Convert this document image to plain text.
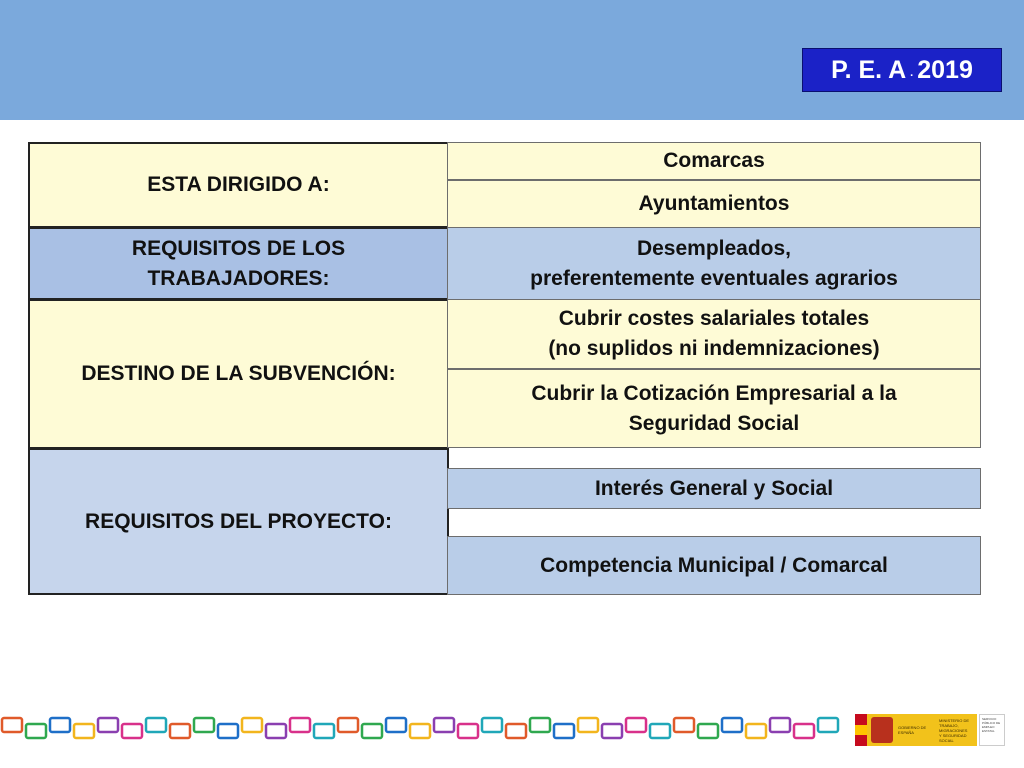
P. E. A . 2019
ESTA DIRIGIDO A:
Comarcas
Ayuntamientos
REQUISITOS DE LOS
TRABAJADORES:
Desempleados,
preferentemente eventuales agrarios
DESTINO DE LA SUBVENCIÓN:
Cubrir costes salariales totales
(no suplidos ni indemnizaciones)
Cubrir la Cotización Empresarial a la
Seguridad Social
REQUISITOS DEL PROYECTO:
Interés General y Social
Competencia Municipal / Comarcal
GOBIERNO DE ESPAÑA
MINISTERIO DE TRABAJO, MIGRACIONES Y SEGURIDAD SOCIAL
SERVICIO PÚBLICO DE EMPLEO ESTATAL
